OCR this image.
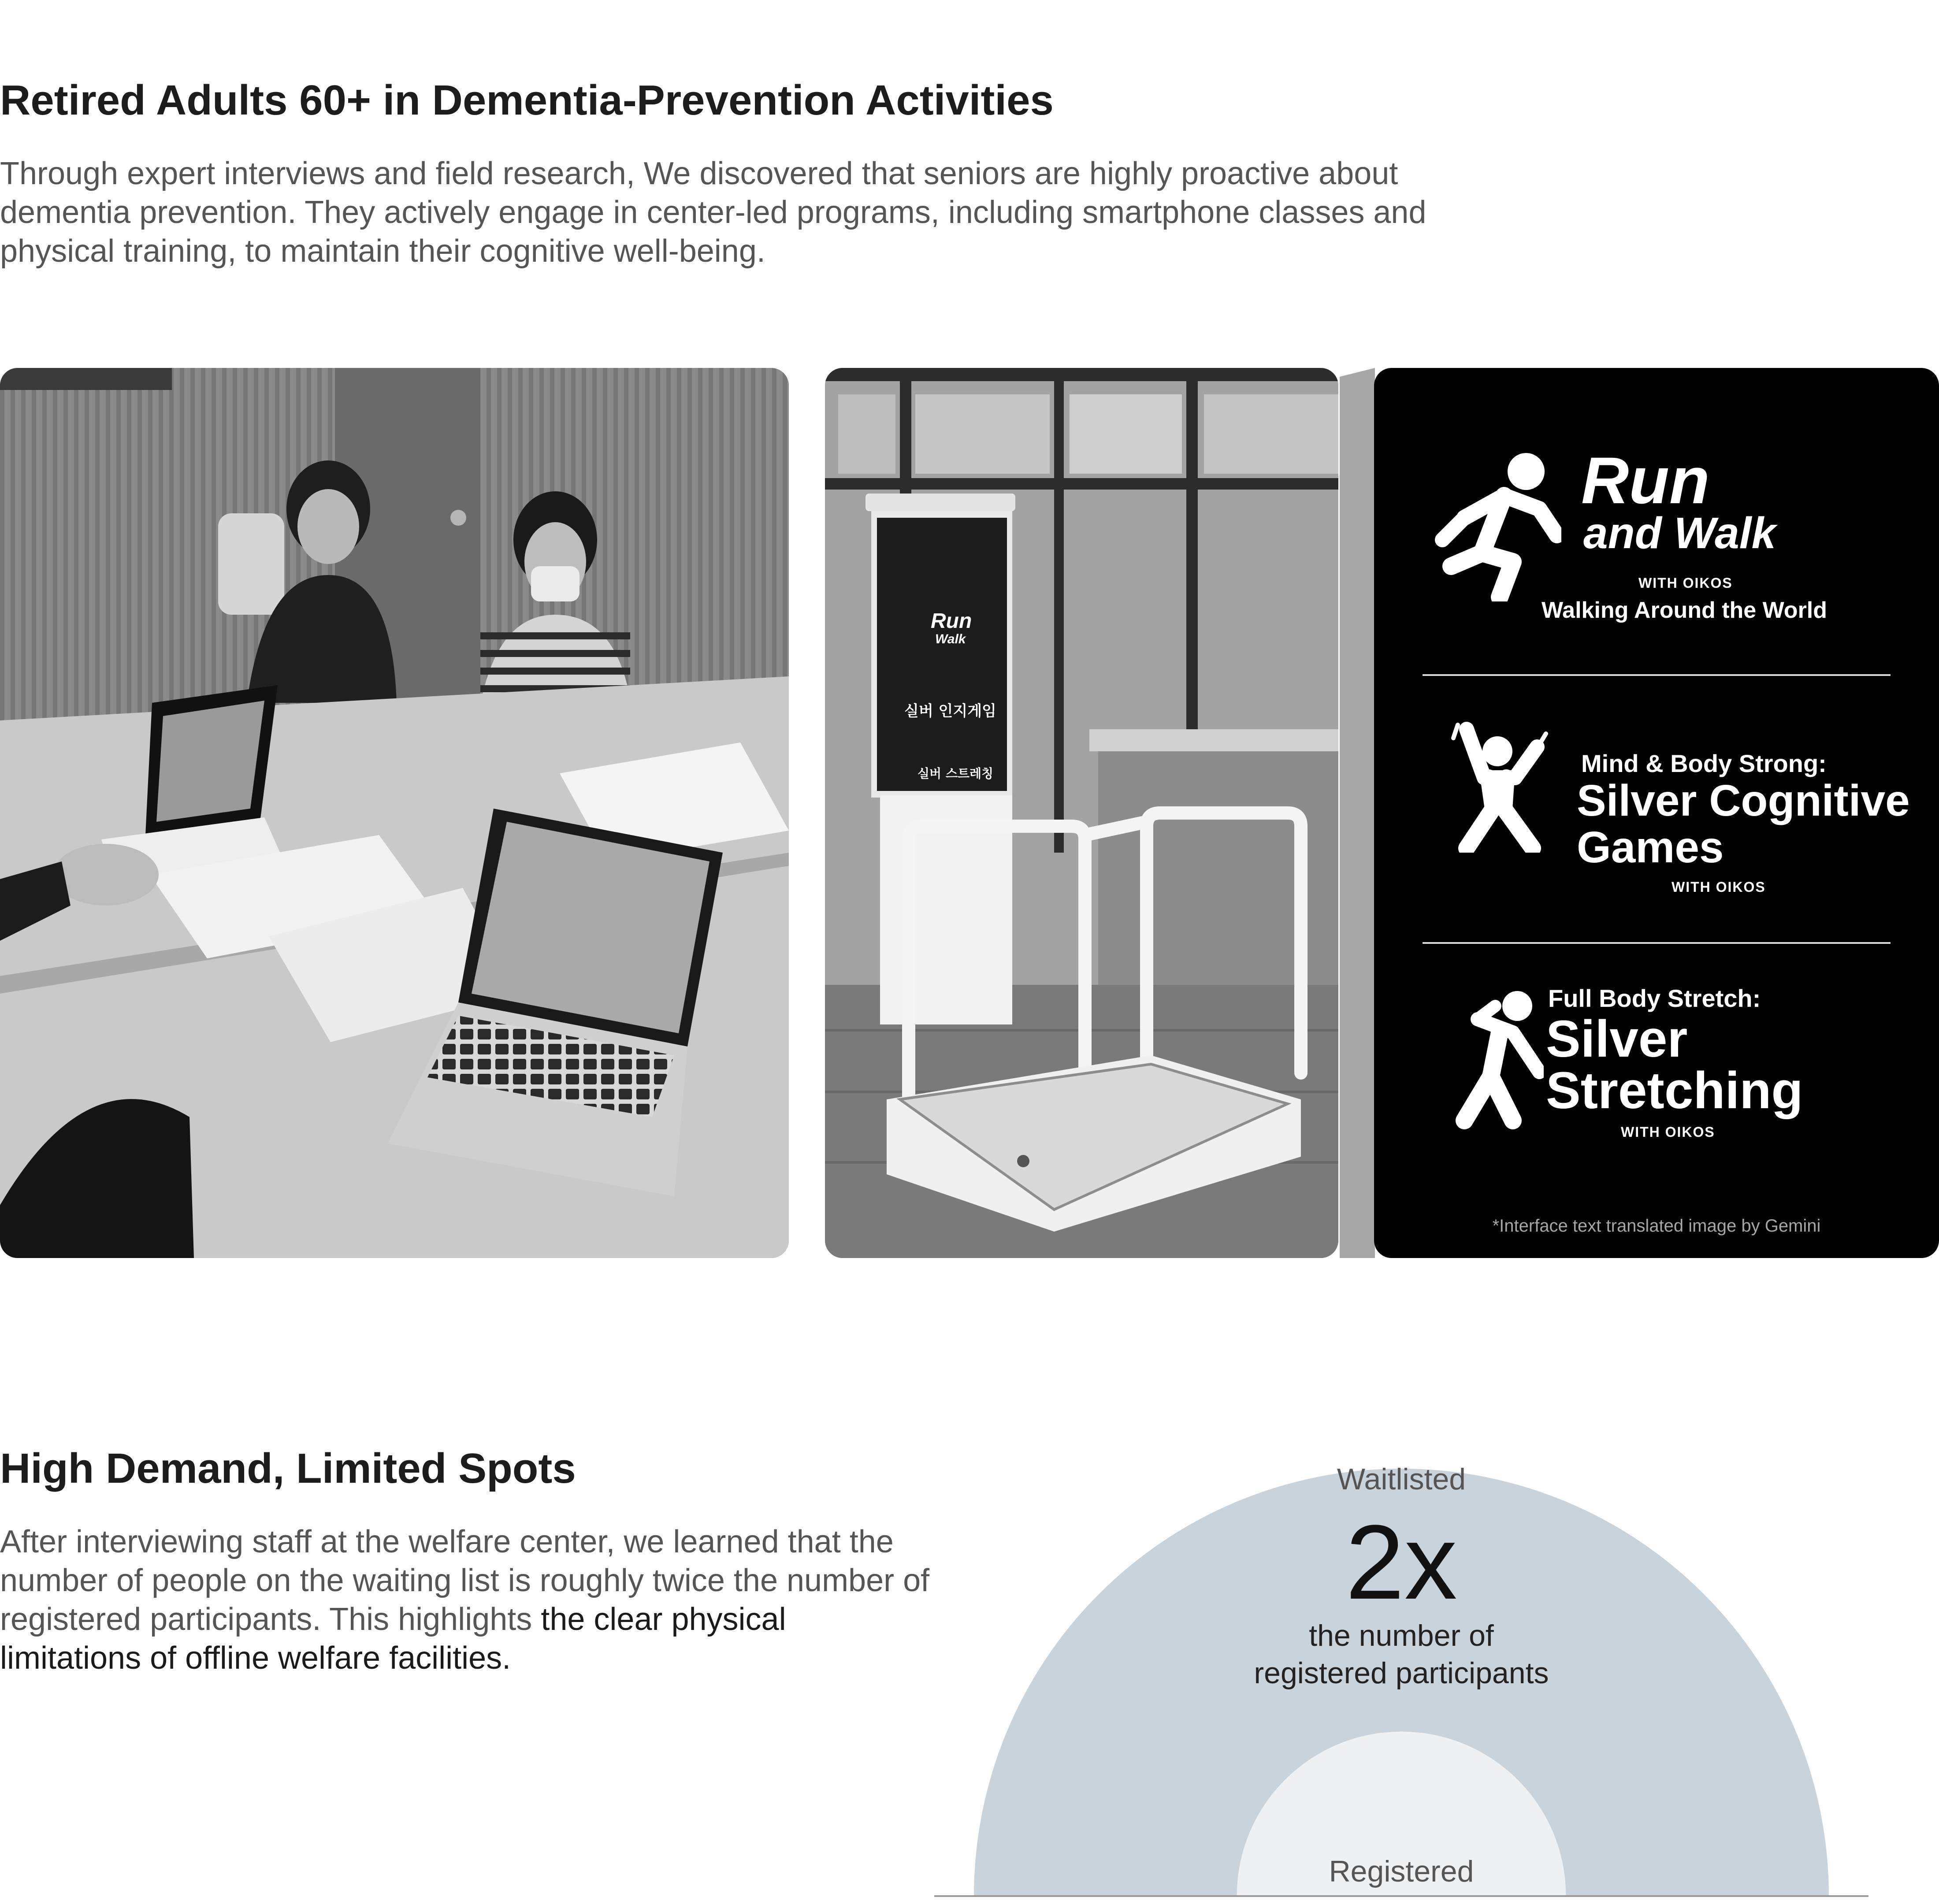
Retired Adults 60+ in Dementia-Prevention Activities

Through expert interviews and field research, We discovered that seniors are highly proactive about

dementia prevention. They actively engage in center-led programs, including smartphone classes and

physical training, to maintain their cognitive well-being.

Run
Walk
실버 인지게임
실버 스트레칭
Run
and Walk
WITH OIKOS
Walking Around the World
Mind & Body Strong:
Silver Cognitive
Games
WITH OIKOS
Full Body Stretch:
Silver
Stretching
WITH OIKOS
*Interface text translated image by Gemini
High Demand, Limited Spots

After interviewing staff at the welfare center, we learned that the number of people on the waiting list is roughly twice the number of registered participants. This highlights the clear physical limitations of offline welfare facilities.

Waitlisted
2x
the number of
registered participants
Registered
